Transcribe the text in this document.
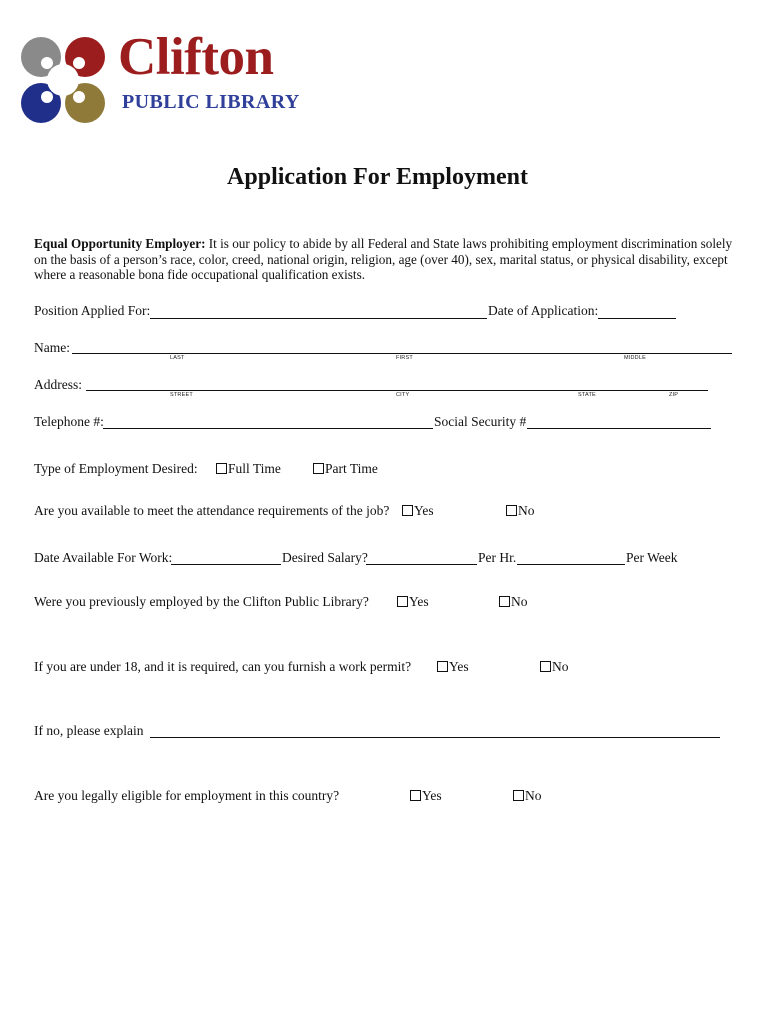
Clifton
PUBLIC LIBRARY
Application For Employment
Equal Opportunity Employer: It is our policy to abide by all Federal and State laws prohibiting employment discrimination solely on the basis of a person’s race, color, creed, national origin, religion, age (over 40), sex, marital status, or physical disability, except where a reasonable bona fide occupational qualification exists.
Position Applied For:	Date of Application:
Name:
LAST	FIRST	MIDDLE
Address:
STREET	CITY	STATE	ZIP
Telephone #:	Social Security #
Type of Employment Desired:	Full Time	Part Time
Are you available to meet the attendance requirements of the job?	Yes	No
Date Available For Work:	Desired Salary?	Per Hr.	Per Week
Were you previously employed by the Clifton Public Library?	Yes	No
If you are under 18, and it is required, can you furnish a work permit?	Yes	No
If no, please explain
Are you legally eligible for employment in this country?	Yes	No
